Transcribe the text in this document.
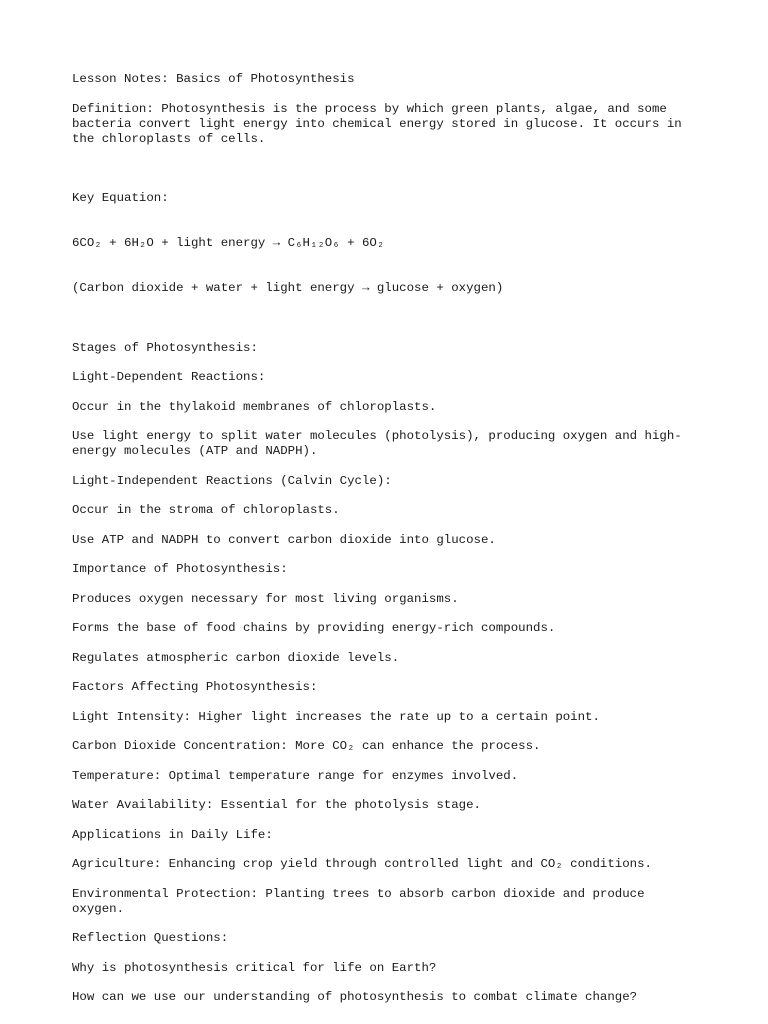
Lesson Notes: Basics of Photosynthesis

Definition: Photosynthesis is the process by which green plants, algae, and some bacteria convert light energy into chemical energy stored in glucose. It occurs in the chloroplasts of cells.

Key Equation:

6CO₂ + 6H₂O + light energy → C₆H₁₂O₆ + 6O₂

(Carbon dioxide + water + light energy → glucose + oxygen)

Stages of Photosynthesis:

Light-Dependent Reactions:

Occur in the thylakoid membranes of chloroplasts.

Use light energy to split water molecules (photolysis), producing oxygen and high-energy molecules (ATP and NADPH).

Light-Independent Reactions (Calvin Cycle):

Occur in the stroma of chloroplasts.

Use ATP and NADPH to convert carbon dioxide into glucose.

Importance of Photosynthesis:

Produces oxygen necessary for most living organisms.

Forms the base of food chains by providing energy-rich compounds.

Regulates atmospheric carbon dioxide levels.

Factors Affecting Photosynthesis:

Light Intensity: Higher light increases the rate up to a certain point.

Carbon Dioxide Concentration: More CO₂ can enhance the process.

Temperature: Optimal temperature range for enzymes involved.

Water Availability: Essential for the photolysis stage.

Applications in Daily Life:

Agriculture: Enhancing crop yield through controlled light and CO₂ conditions.

Environmental Protection: Planting trees to absorb carbon dioxide and produce oxygen.

Reflection Questions:

Why is photosynthesis critical for life on Earth?

How can we use our understanding of photosynthesis to combat climate change?
